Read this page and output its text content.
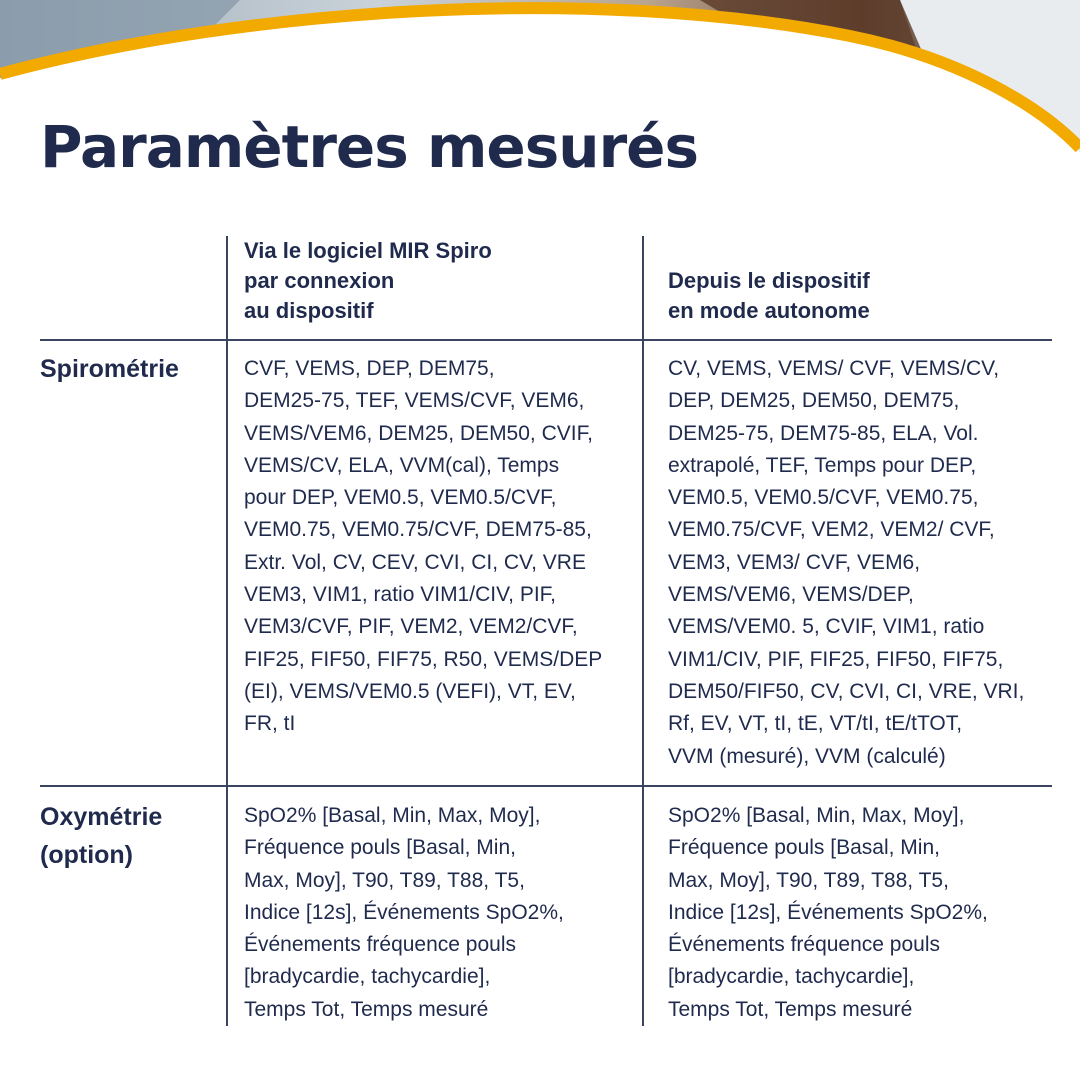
Paramètres mesurés

Via le logiciel MIR Spiro
par connexion
au dispositif

Depuis le dispositif
en mode autonome

Spirométrie	CVF, VEMS, DEP, DEM75,
DEM25-75, TEF, VEMS/CVF, VEM6,
VEMS/VEM6, DEM25, DEM50, CVIF,
VEMS/CV, ELA, VVM(cal), Temps
pour DEP, VEM0.5, VEM0.5/CVF,
VEM0.75, VEM0.75/CVF, DEM75-85,
Extr. Vol, CV, CEV, CVI, CI, CV, VRE
VEM3, VIM1, ratio VIM1/CIV, PIF,
VEM3/CVF, PIF, VEM2, VEM2/CVF,
FIF25, FIF50, FIF75, R50, VEMS/DEP
(EI), VEMS/VEM0.5 (VEFI), VT, EV,
FR, tI

CV, VEMS, VEMS/ CVF, VEMS/CV,
DEP, DEM25, DEM50, DEM75,
DEM25-75, DEM75-85, ELA, Vol.
extrapolé, TEF, Temps pour DEP,
VEM0.5, VEM0.5/CVF, VEM0.75,
VEM0.75/CVF, VEM2, VEM2/ CVF,
VEM3, VEM3/ CVF, VEM6,
VEMS/VEM6, VEMS/DEP,
VEMS/VEM0. 5, CVIF, VIM1, ratio
VIM1/CIV, PIF, FIF25, FIF50, FIF75,
DEM50/FIF50, CV, CVI, CI, VRE, VRI,
Rf, EV, VT, tI, tE, VT/tI, tE/tTOT,
VVM (mesuré), VVM (calculé)

Oxymétrie
(option)

SpO2% [Basal, Min, Max, Moy],
Fréquence pouls [Basal, Min,
Max, Moy], T90, T89, T88, T5,
Indice [12s], Événements SpO2%,
Événements fréquence pouls
[bradycardie, tachycardie],
Temps Tot, Temps mesuré

SpO2% [Basal, Min, Max, Moy],
Fréquence pouls [Basal, Min,
Max, Moy], T90, T89, T88, T5,
Indice [12s], Événements SpO2%,
Événements fréquence pouls
[bradycardie, tachycardie],
Temps Tot, Temps mesuré
